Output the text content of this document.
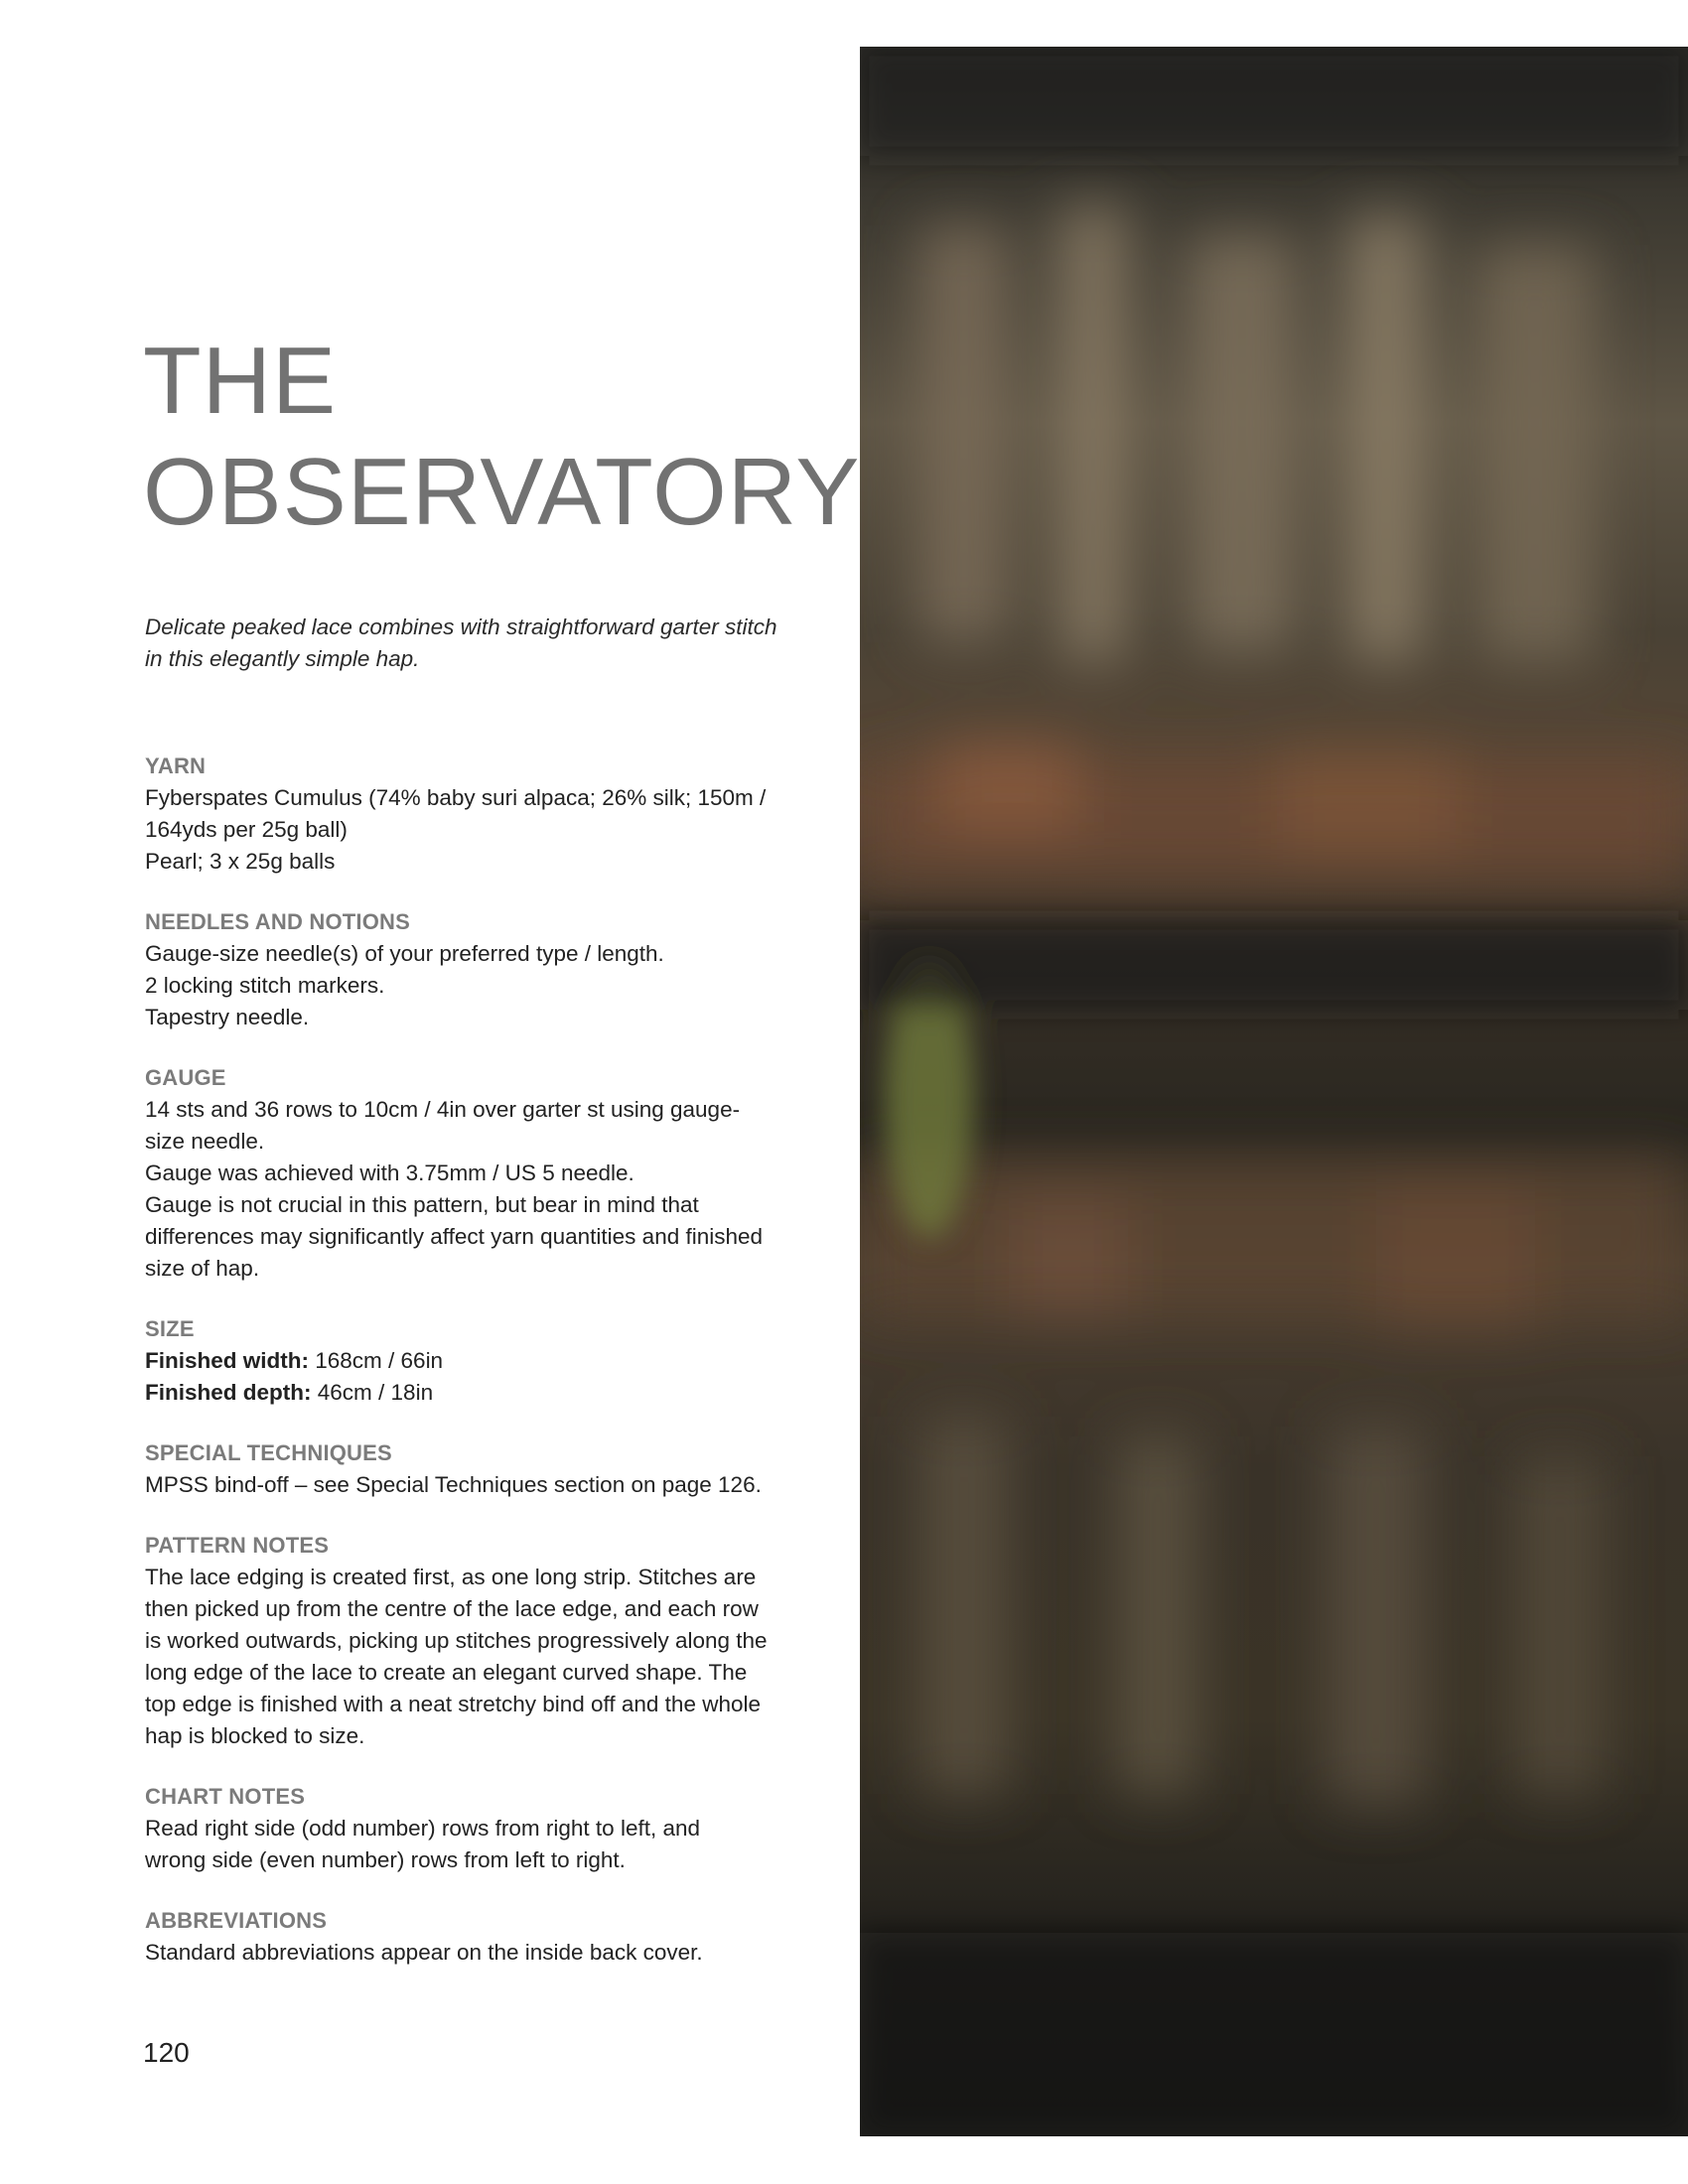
THE
OBSERVATORY

Delicate peaked lace combines with straightforward garter stitch
in this elegantly simple hap.

YARN

Fyberspates Cumulus (74% baby suri alpaca; 26% silk; 150m /
164yds per 25g ball)
Pearl; 3 x 25g balls

NEEDLES AND NOTIONS

Gauge-size needle(s) of your preferred type / length.
2 locking stitch markers.
Tapestry needle.

GAUGE

14 sts and 36 rows to 10cm / 4in over garter st using gauge-
size needle.
Gauge was achieved with 3.75mm / US 5 needle.
Gauge is not crucial in this pattern, but bear in mind that
differences may significantly affect yarn quantities and finished
size of hap.

SIZE

Finished width: 168cm / 66in
Finished depth: 46cm / 18in

SPECIAL TECHNIQUES

MPSS bind-off – see Special Techniques section on page 126.

PATTERN NOTES

The lace edging is created first, as one long strip. Stitches are
then picked up from the centre of the lace edge, and each row
is worked outwards, picking up stitches progressively along the
long edge of the lace to create an elegant curved shape. The
top edge is finished with a neat stretchy bind off and the whole
hap is blocked to size.

CHART NOTES

Read right side (odd number) rows from right to left, and
wrong side (even number) rows from left to right.

ABBREVIATIONS

Standard abbreviations appear on the inside back cover.

120
